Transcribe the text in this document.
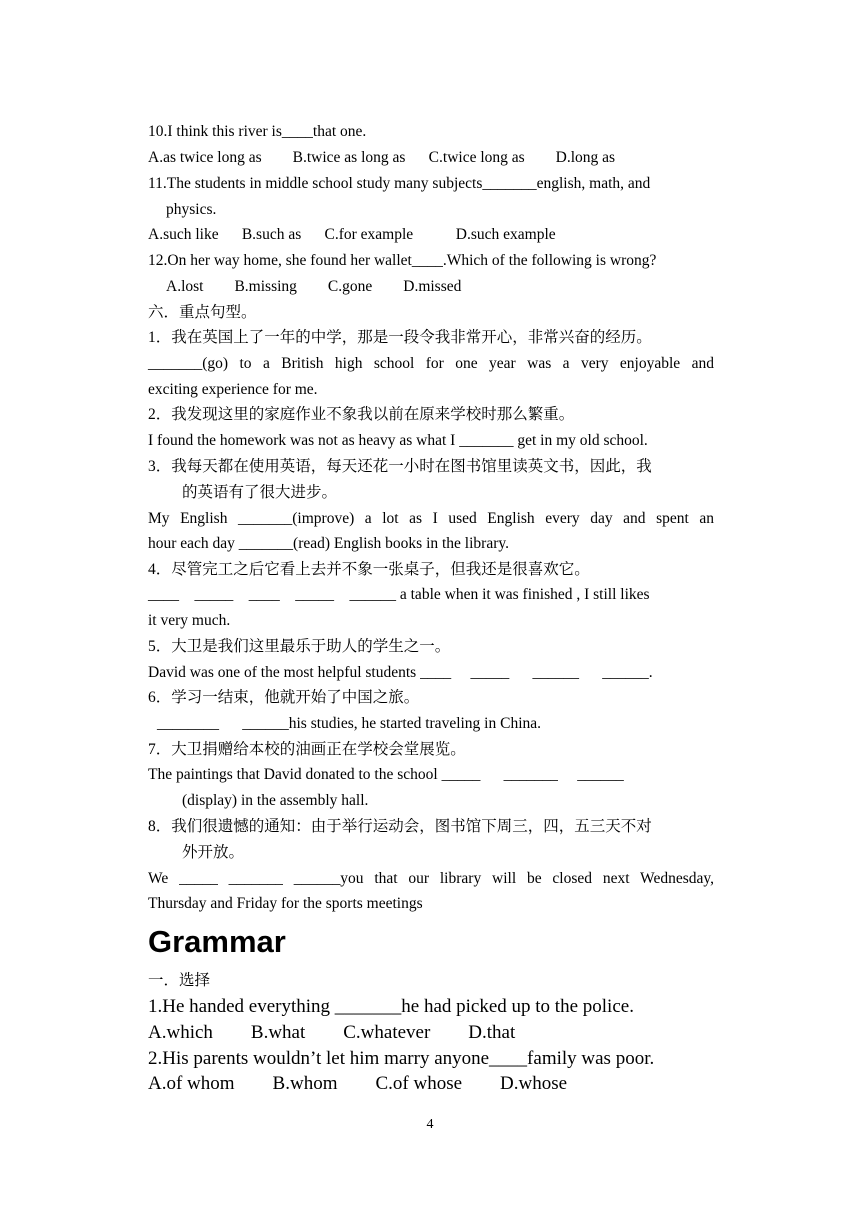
10.I think this river is____that one.
A.as twice long as        B.twice as long as      C.twice long as        D.long as
11.The students in middle school study many subjects_______english, math, and
physics.
A.such like      B.such as      C.for example           D.such example
12.On her way home, she found her wallet____.Which of the following is wrong?
A.lost        B.missing        C.gone        D.missed
六．重点句型。
1．我在英国上了一年的中学，那是一段令我非常开心，非常兴奋的经历。
_______(go) to a British high school for one year was a very enjoyable and
exciting experience for me.
2．我发现这里的家庭作业不象我以前在原来学校时那么繁重。
I found the homework was not as heavy as what I _______ get in my old school.
3．我每天都在使用英语，每天还花一小时在图书馆里读英文书，因此，我
的英语有了很大进步。
My English _______(improve) a lot as I used English every day and spent an
hour each day _______(read) English books in the library.
4．尽管完工之后它看上去并不象一张桌子，但我还是很喜欢它。
____    _____    ____    _____    ______ a table when it was finished , I still likes
it very much.
5．大卫是我们这里最乐于助人的学生之一。
David was one of the most helpful students ____     _____      ______      ______.
6．学习一结束，他就开始了中国之旅。
________      ______his studies, he started traveling in China.
7．大卫捐赠给本校的油画正在学校会堂展览。
The paintings that David donated to the school _____      _______     ______
(display) in the assembly hall.
8．我们很遗憾的通知：由于举行运动会，图书馆下周三，四，五三天不对
外开放。
We _____ _______ ______you that our library will be closed next Wednesday,
Thursday and Friday for the sports meetings
Grammar
一．选择
1.He handed everything _______he had picked up to the police.
A.which        B.what        C.whatever        D.that
2.His parents wouldn’t let him marry anyone____family was poor.
A.of whom        B.whom        C.of whose        D.whose
4
